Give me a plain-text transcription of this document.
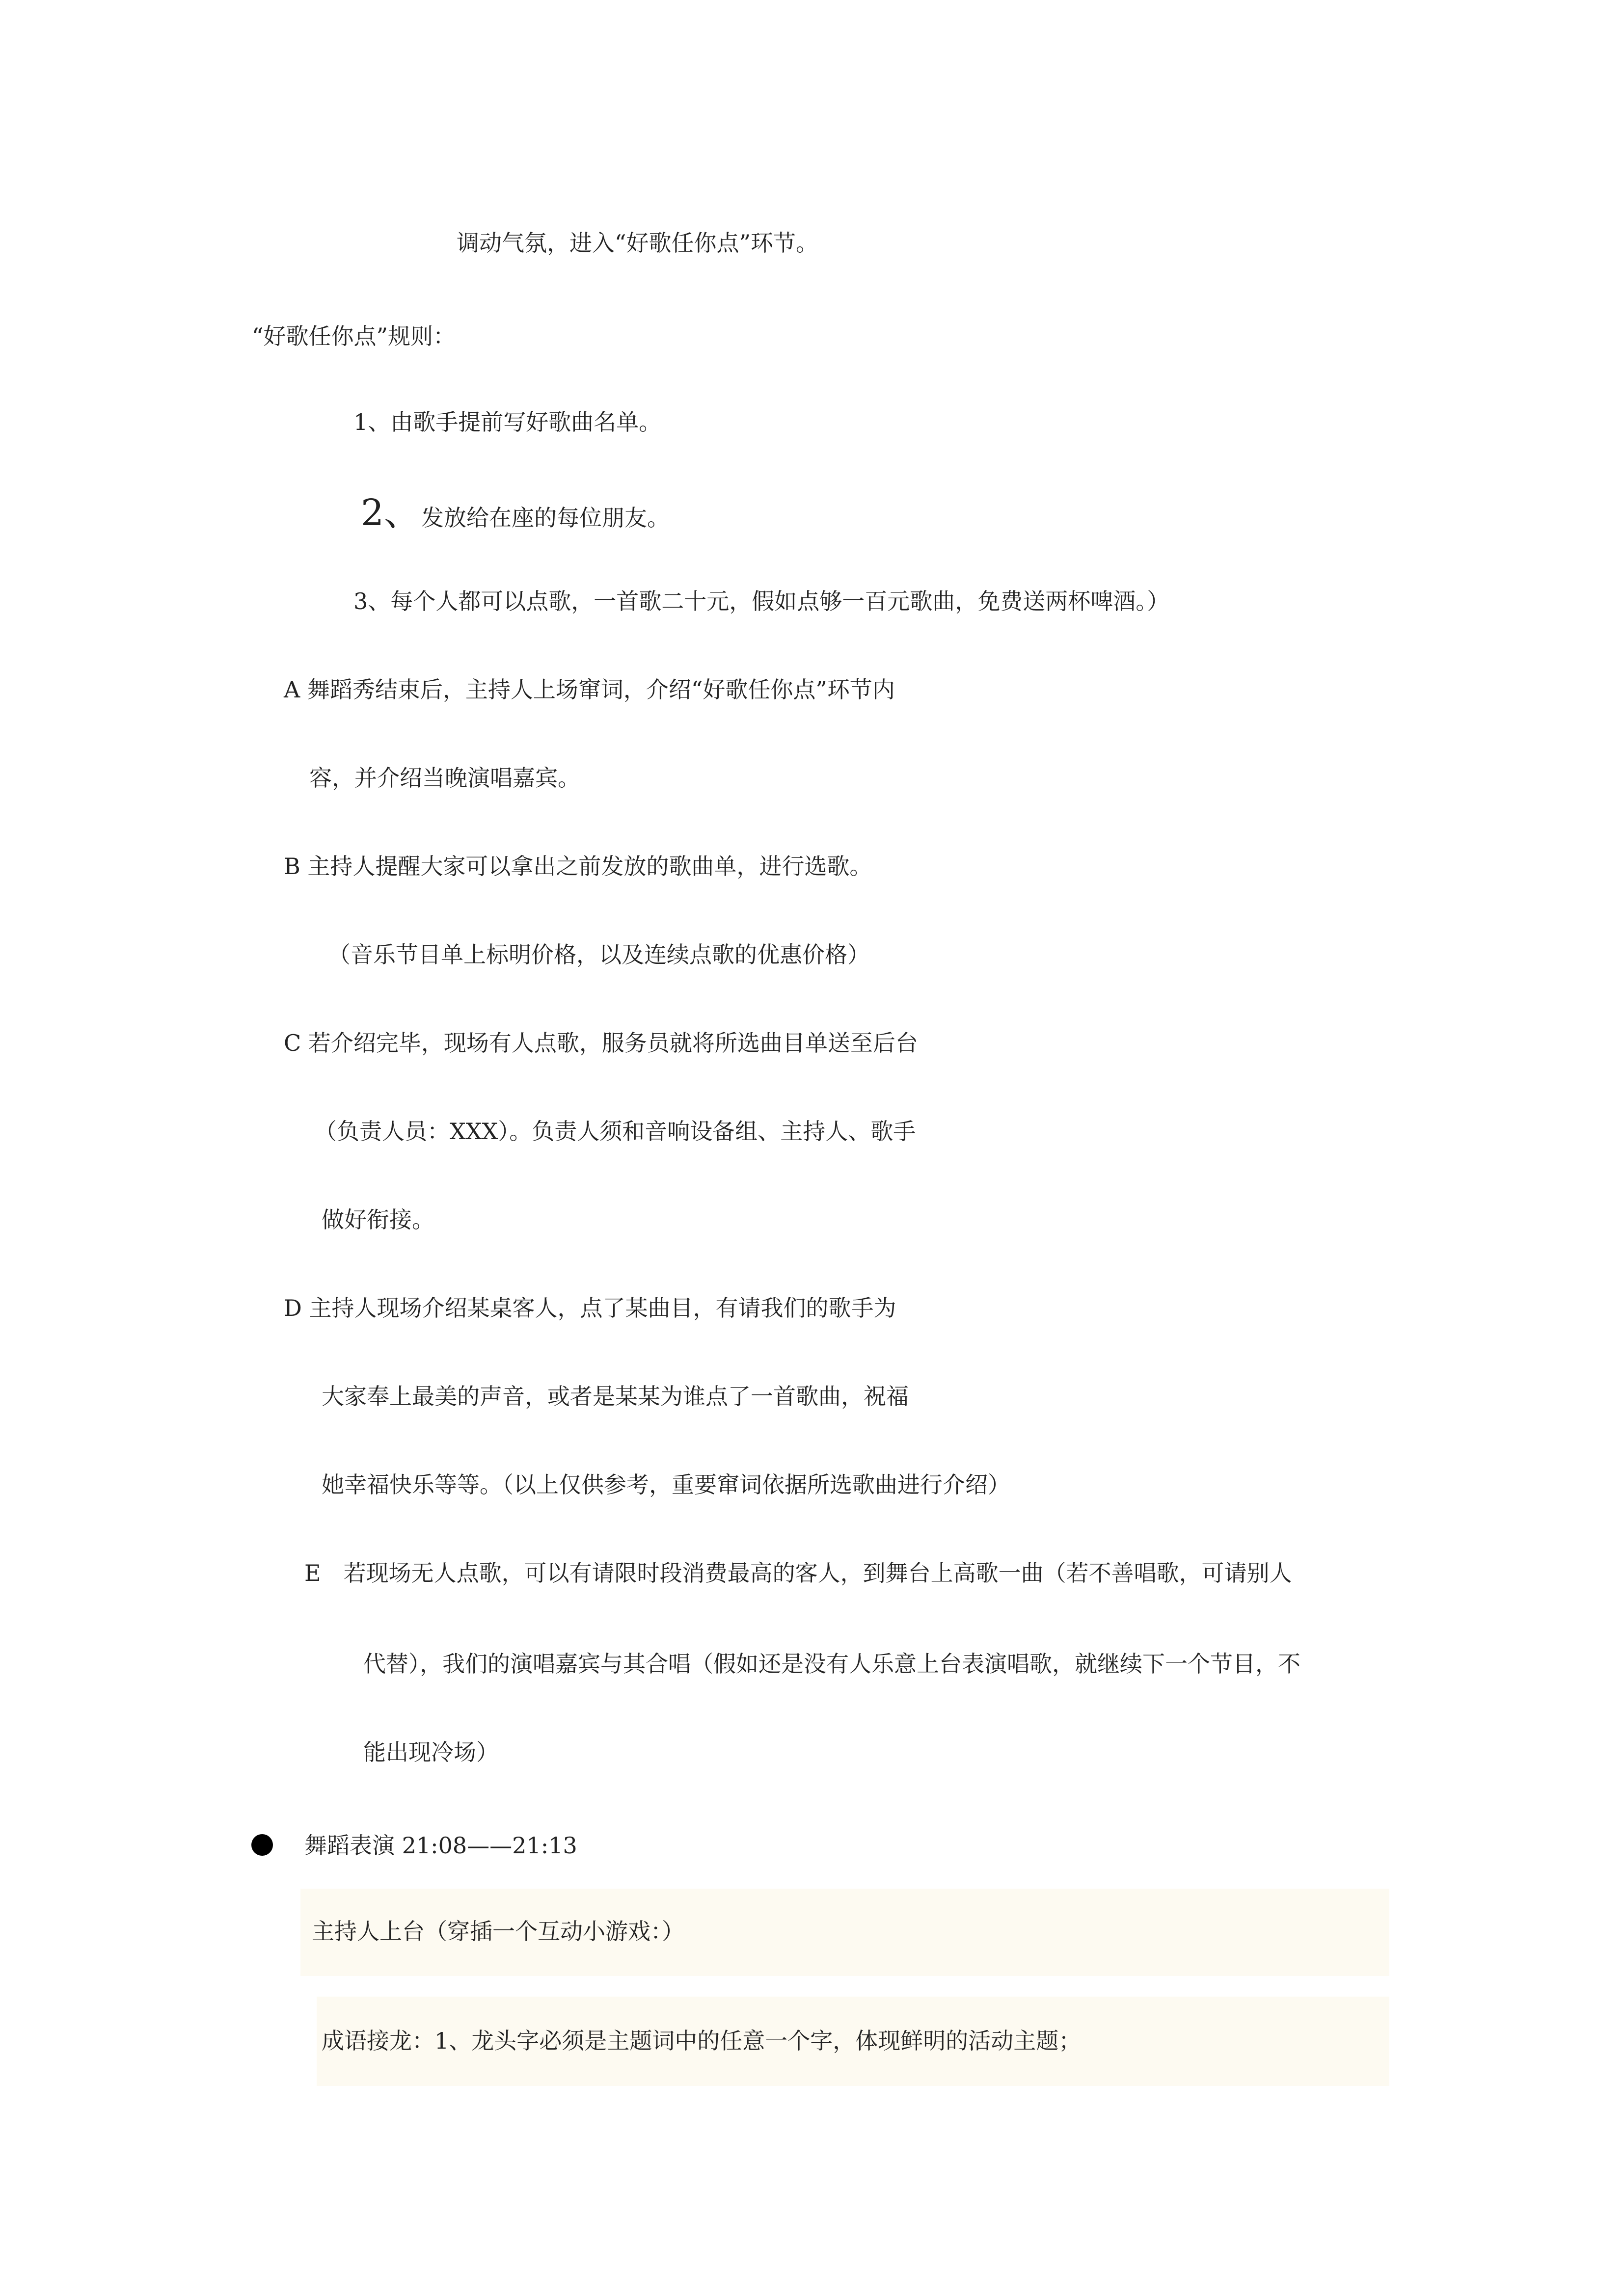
调动气氛，进入“好歌任你点”环节。
“好歌任你点”规则：
1、由歌手提前写好歌曲名单。
2、 发放给在座的每位朋友。
3、每个人都可以点歌，一首歌二十元，假如点够一百元歌曲，免费送两杯啤酒。）
A 舞蹈秀结束后，主持人上场窜词，介绍“好歌任你点”环节内
容，并介绍当晚演唱嘉宾。
B 主持人提醒大家可以拿出之前发放的歌曲单，进行选歌。
（音乐节目单上标明价格，以及连续点歌的优惠价格）
C 若介绍完毕，现场有人点歌，服务员就将所选曲目单送至后台
（负责人员：XXX）。负责人须和音响设备组、主持人、歌手
做好衔接。
D 主持人现场介绍某桌客人，点了某曲目，有请我们的歌手为
大家奉上最美的声音，或者是某某为谁点了一首歌曲，祝福
她幸福快乐等等。（以上仅供参考，重要窜词依据所选歌曲进行介绍）
E　若现场无人点歌，可以有请限时段消费最高的客人，到舞台上高歌一曲（若不善唱歌，可请别人
代替），我们的演唱嘉宾与其合唱（假如还是没有人乐意上台表演唱歌，就继续下一个节目，不
能出现冷场）
舞蹈表演 21:08——21:13
主持人上台（穿插一个互动小游戏：）
成语接龙：1、龙头字必须是主题词中的任意一个字，体现鲜明的活动主题；
